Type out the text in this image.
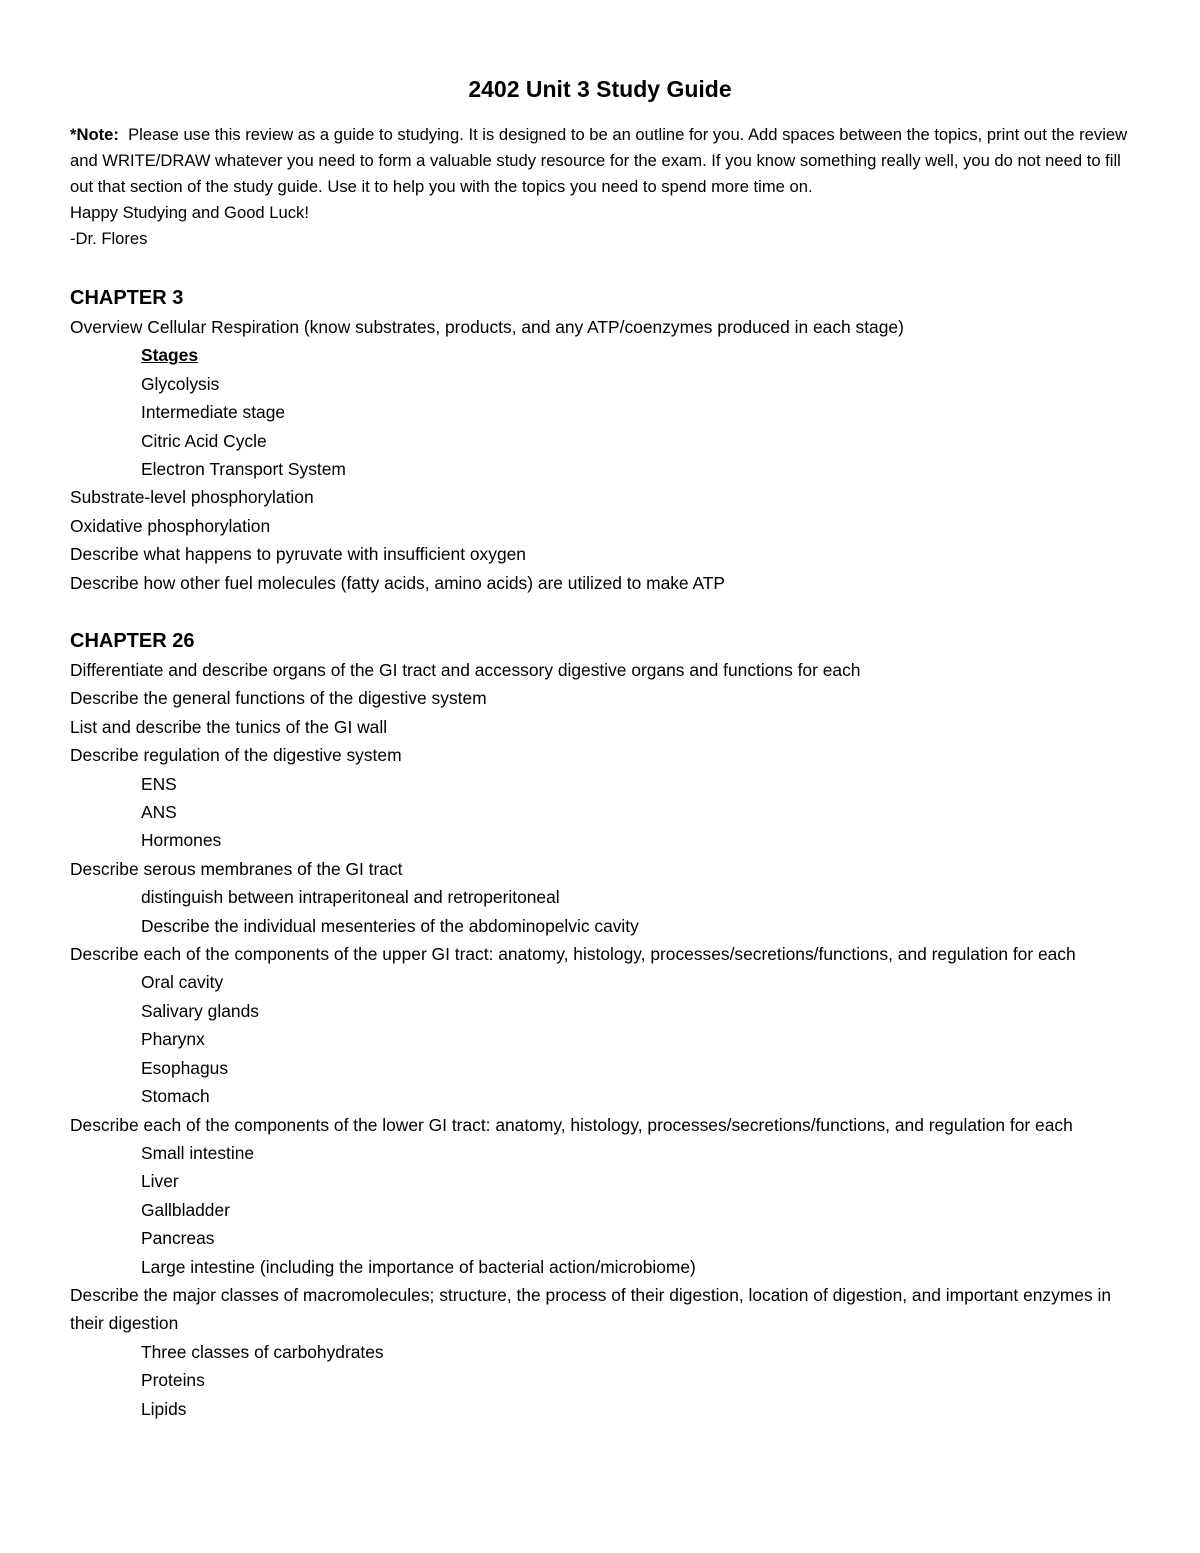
2402 Unit 3 Study Guide

*Note: Please use this review as a guide to studying. It is designed to be an outline for you. Add spaces between the topics, print out the review and WRITE/DRAW whatever you need to form a valuable study resource for the exam. If you know something really well, you do not need to fill out that section of the study guide. Use it to help you with the topics you need to spend more time on.

Happy Studying and Good Luck!

-Dr. Flores

CHAPTER 3

Overview Cellular Respiration (know substrates, products, and any ATP/coenzymes produced in each stage)

Stages

Glycolysis

Intermediate stage

Citric Acid Cycle

Electron Transport System

Substrate-level phosphorylation

Oxidative phosphorylation

Describe what happens to pyruvate with insufficient oxygen

Describe how other fuel molecules (fatty acids, amino acids) are utilized to make ATP

CHAPTER 26

Differentiate and describe organs of the GI tract and accessory digestive organs and functions for each

Describe the general functions of the digestive system

List and describe the tunics of the GI wall

Describe regulation of the digestive system

ENS

ANS

Hormones

Describe serous membranes of the GI tract

distinguish between intraperitoneal and retroperitoneal

Describe the individual mesenteries of the abdominopelvic cavity

Describe each of the components of the upper GI tract: anatomy, histology, processes/secretions/functions, and regulation for each

Oral cavity

Salivary glands

Pharynx

Esophagus

Stomach

Describe each of the components of the lower GI tract: anatomy, histology, processes/secretions/functions, and regulation for each

Small intestine

Liver

Gallbladder

Pancreas

Large intestine (including the importance of bacterial action/microbiome)

Describe the major classes of macromolecules; structure, the process of their digestion, location of digestion, and important enzymes in their digestion

Three classes of carbohydrates

Proteins

Lipids
